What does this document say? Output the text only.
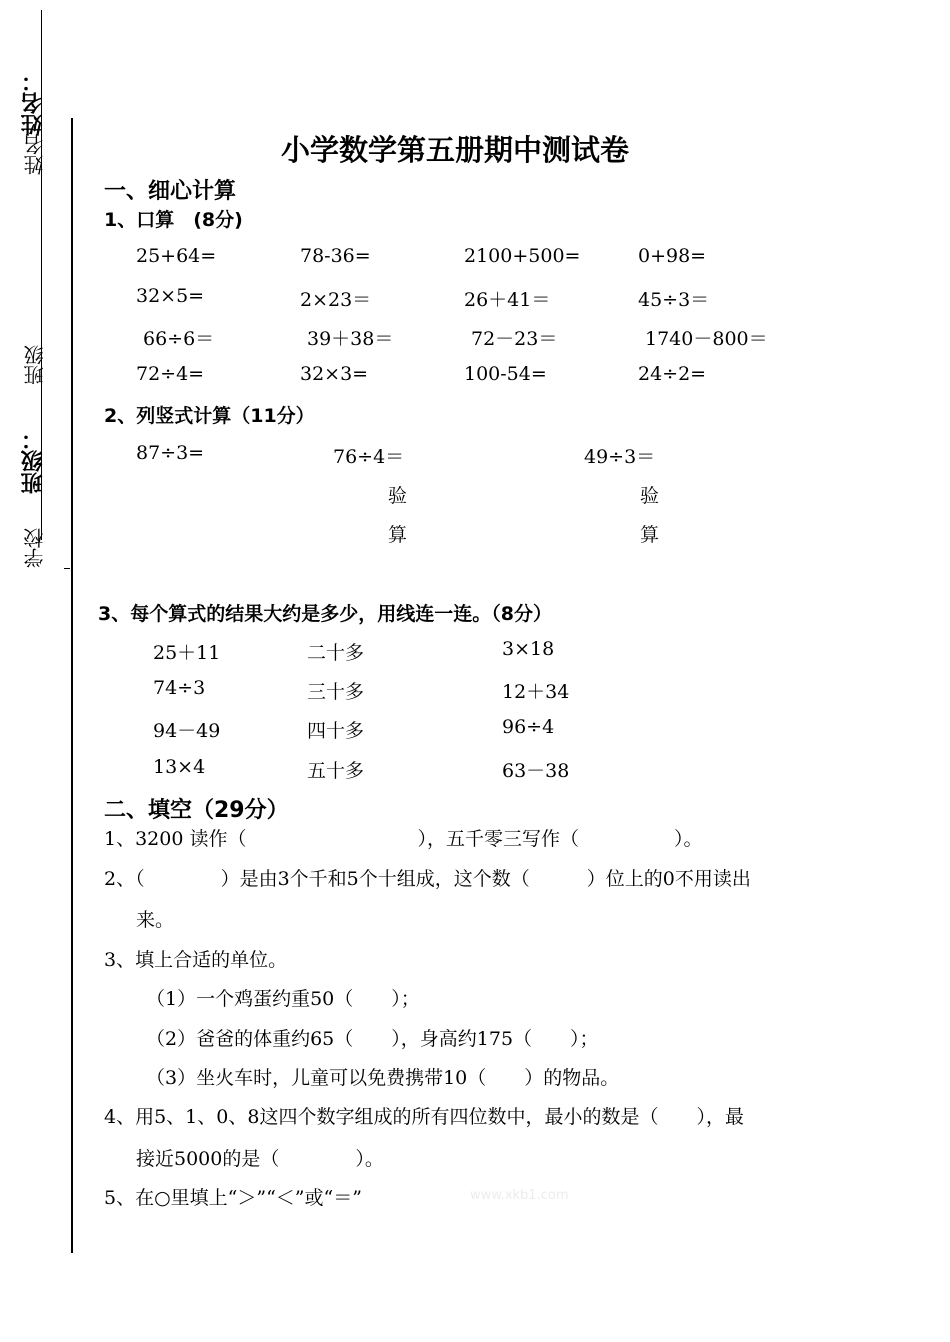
姓名：
姓名
班级
班级：
学校
小学数学第五册期中测试卷
一、细心计算
1、口算　(8分)
25+64=	78-36=	2100+500=	0+98=
32×5=	2×23＝	26＋41＝	45÷3＝
66÷6＝	39＋38＝	72－23＝	1740－800＝
72÷4=	32×3=	100-54=	24÷2=
2、列竖式计算（11分）
87÷3=	76÷4＝	49÷3＝
验
算
验
算
3、每个算式的结果大约是多少，用线连一连。（8分）
25＋11	二十多	3×18
74÷3	三十多	12＋34
94－49	四十多	96÷4
13×4	五十多	63－38
二、填空（29分）
1、3200 读作（　　　　　　　　　），五千零三写作（　　　　　）。
2、（　　　　）是由3个千和5个十组成，这个数（　　　）位上的0不用读出
来。
3、填上合适的单位。
（1）一个鸡蛋约重50（　　）；
（2）爸爸的体重约65（　　），身高约175（　　）；
（3）坐火车时，儿童可以免费携带10（　　）的物品。
4、用5、1、0、8这四个数字组成的所有四位数中，最小的数是（　　），最
接近5000的是（　　　　）。
5、在○里填上“＞”“＜”或“＝”	www.xkb1.com
